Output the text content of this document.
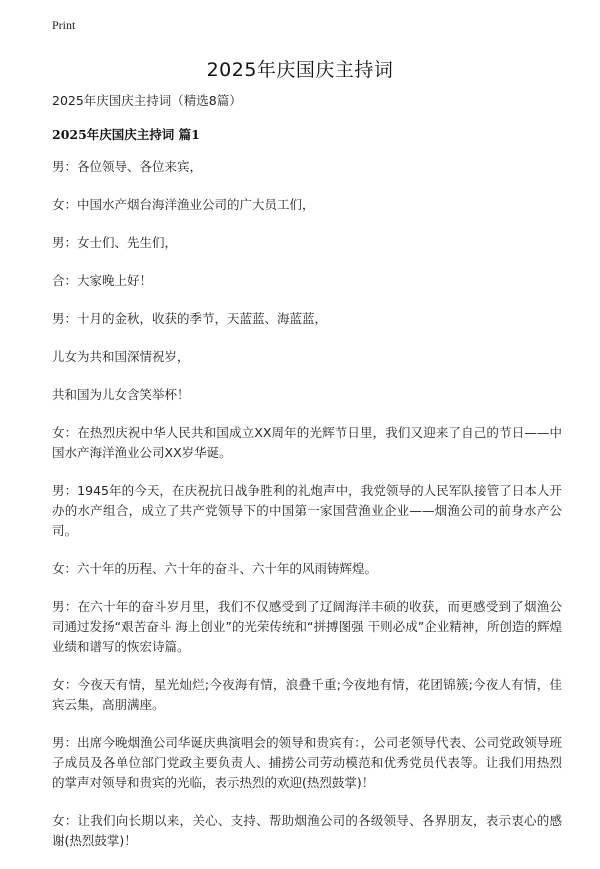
Print
2025年庆国庆主持词

2025年庆国庆主持词（精选8篇）

2025年庆国庆主持词 篇1

男：各位领导、各位来宾，

女：中国水产烟台海洋渔业公司的广大员工们，

男：女士们、先生们，

合：大家晚上好！

男：十月的金秋，收获的季节，天蓝蓝、海蓝蓝，

儿女为共和国深情祝岁，

共和国为儿女含笑举杯！

女：在热烈庆祝中华人民共和国成立XX周年的光辉节日里，我们又迎来了自己的节日——中国水产海洋渔业公司XX岁华诞。

男：1945年的今天，在庆祝抗日战争胜利的礼炮声中，我党领导的人民军队接管了日本人开办的水产组合，成立了共产党领导下的中国第一家国营渔业企业——烟渔公司的前身水产公司。

女：六十年的历程、六十年的奋斗、六十年的风雨铸辉煌。

男：在六十年的奋斗岁月里，我们不仅感受到了辽阔海洋丰硕的收获，而更感受到了烟渔公司通过发扬“艰苦奋斗 海上创业”的光荣传统和“拼搏图强 干则必成”企业精神，所创造的辉煌业绩和谱写的恢宏诗篇。

女：今夜天有情，星光灿烂;今夜海有情，浪叠千重;今夜地有情，花团锦簇;今夜人有情，佳宾云集，高朋满座。

男：出席今晚烟渔公司华诞庆典演唱会的领导和贵宾有：，公司老领导代表、公司党政领导班子成员及各单位部门党政主要负责人、捕捞公司劳动模范和优秀党员代表等。让我们用热烈的掌声对领导和贵宾的光临，表示热烈的欢迎(热烈鼓掌)！

女：让我们向长期以来，关心、支持、帮助烟渔公司的各级领导、各界朋友，表示衷心的感谢(热烈鼓掌)！
